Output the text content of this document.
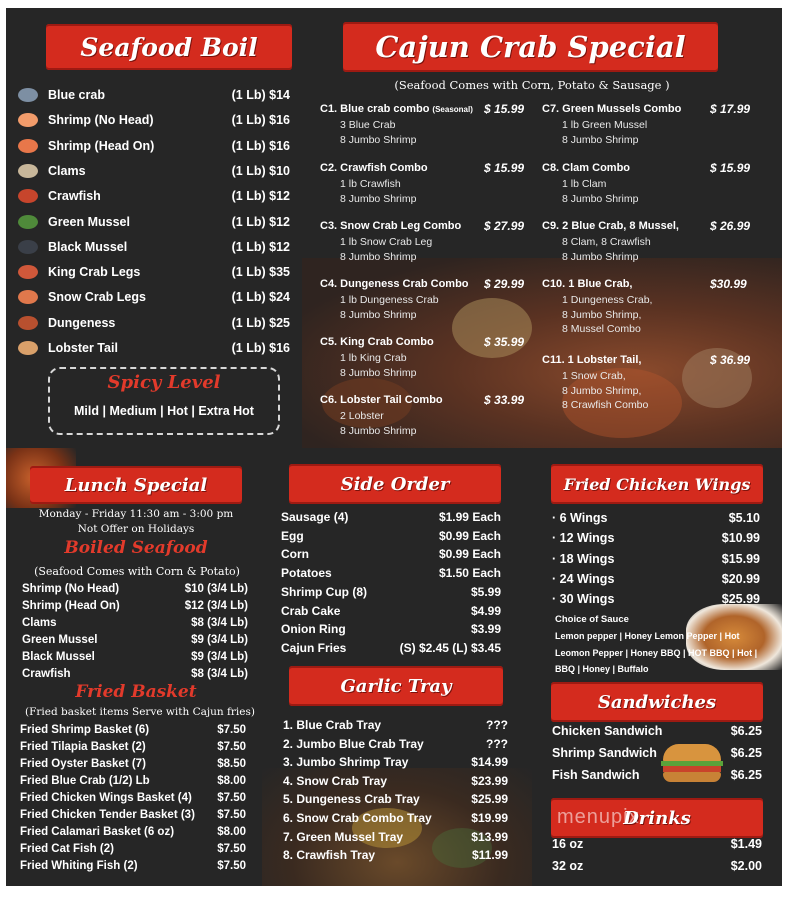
Seafood Boil
Blue crab	(1 Lb) $14
Shrimp (No Head)	(1 Lb) $16
Shrimp (Head On)	(1 Lb) $16
Clams	(1 Lb) $10
Crawfish	(1 Lb) $12
Green Mussel	(1 Lb) $12
Black Mussel	(1 Lb) $12
King Crab Legs	(1 Lb) $35
Snow Crab Legs	(1 Lb) $24
Dungeness	(1 Lb) $25
Lobster Tail	(1 Lb) $16
Spicy Level
Mild | Medium | Hot | Extra Hot
Cajun Crab Special
(Seafood Comes with Corn, Potato & Sausage )
C1. Blue crab combo (Seasonal) $ 15.99
3 Blue Crab
8 Jumbo Shrimp
C2. Crawfish Combo	$ 15.99
1 lb Crawfish
8 Jumbo Shrimp
C3. Snow Crab Leg Combo	$ 27.99
1 lb Snow Crab Leg
8 Jumbo Shrimp
C4. Dungeness Crab Combo	$ 29.99
1 lb Dungeness Crab
8 Jumbo Shrimp
C5. King Crab Combo	$ 35.99
1 lb King Crab
8 Jumbo Shrimp
C6. Lobster Tail Combo	$ 33.99
2 Lobster
8 Jumbo Shrimp
C7. Green Mussels Combo	$ 17.99
1 lb Green Mussel
8 Jumbo Shrimp
C8. Clam Combo	$ 15.99
1 lb Clam
8 Jumbo Shrimp
C9. 2 Blue Crab, 8 Mussel,	$ 26.99
8 Clam, 8 Crawfish
8 Jumbo Shrimp
C10. 1 Blue Crab,	$30.99
1 Dungeness Crab,
8 Jumbo Shrimp,
8 Mussel Combo
C11. 1 Lobster Tail,	$ 36.99
1 Snow Crab,
8 Jumbo Shrimp,
8 Crawfish Combo
Lunch Special
Monday - Friday 11:30 am - 3:00 pm
Not Offer on Holidays
Boiled Seafood
(Seafood Comes with Corn & Potato)
Shrimp (No Head)	$10 (3/4 Lb)
Shrimp (Head On)	$12 (3/4 Lb)
Clams	$8 (3/4 Lb)
Green Mussel	$9 (3/4 Lb)
Black Mussel	$9 (3/4 Lb)
Crawfish	$8 (3/4 Lb)
Fried Basket
(Fried basket items Serve with Cajun fries)
Fried Shrimp Basket (6)	$7.50
Fried Tilapia Basket (2)	$7.50
Fried Oyster Basket (7)	$8.50
Fried Blue Crab (1/2) Lb	$8.00
Fried Chicken Wings Basket (4)	$7.50
Fried Chicken Tender Basket (3)	$7.50
Fried Calamari Basket (6 oz)	$8.00
Fried Cat Fish (2)	$7.50
Fried Whiting Fish (2)	$7.50
Side Order
Sausage (4)	$1.99 Each
Egg	$0.99 Each
Corn	$0.99 Each
Potatoes	$1.50 Each
Shrimp Cup (8)	$5.99
Crab Cake	$4.99
Onion Ring	$3.99
Cajun Fries	(S) $2.45 (L) $3.45
Garlic Tray
1. Blue Crab Tray	???
2. Jumbo Blue Crab Tray	???
3. Jumbo Shrimp Tray	$14.99
4. Snow Crab Tray	$23.99
5. Dungeness Crab Tray	$25.99
6. Snow Crab Combo Tray	$19.99
7. Green Mussel Tray	$13.99
8. Crawfish Tray	$11.99
Fried Chicken Wings
· 6 Wings	$5.10
· 12 Wings	$10.99
· 18 Wings	$15.99
· 24 Wings	$20.99
· 30 Wings	$25.99
Choice of Sauce
Lemon pepper | Honey Lemon Pepper | Hot
Leomon Pepper | Honey BBQ | HOT BBQ | Hot |
BBQ | Honey | Buffalo
Sandwiches
Chicken Sandwich	$6.25
Shrimp Sandwich	$6.25
Fish Sandwich	$6.25
Drinks
menupix
16 oz	$1.49
32 oz	$2.00
